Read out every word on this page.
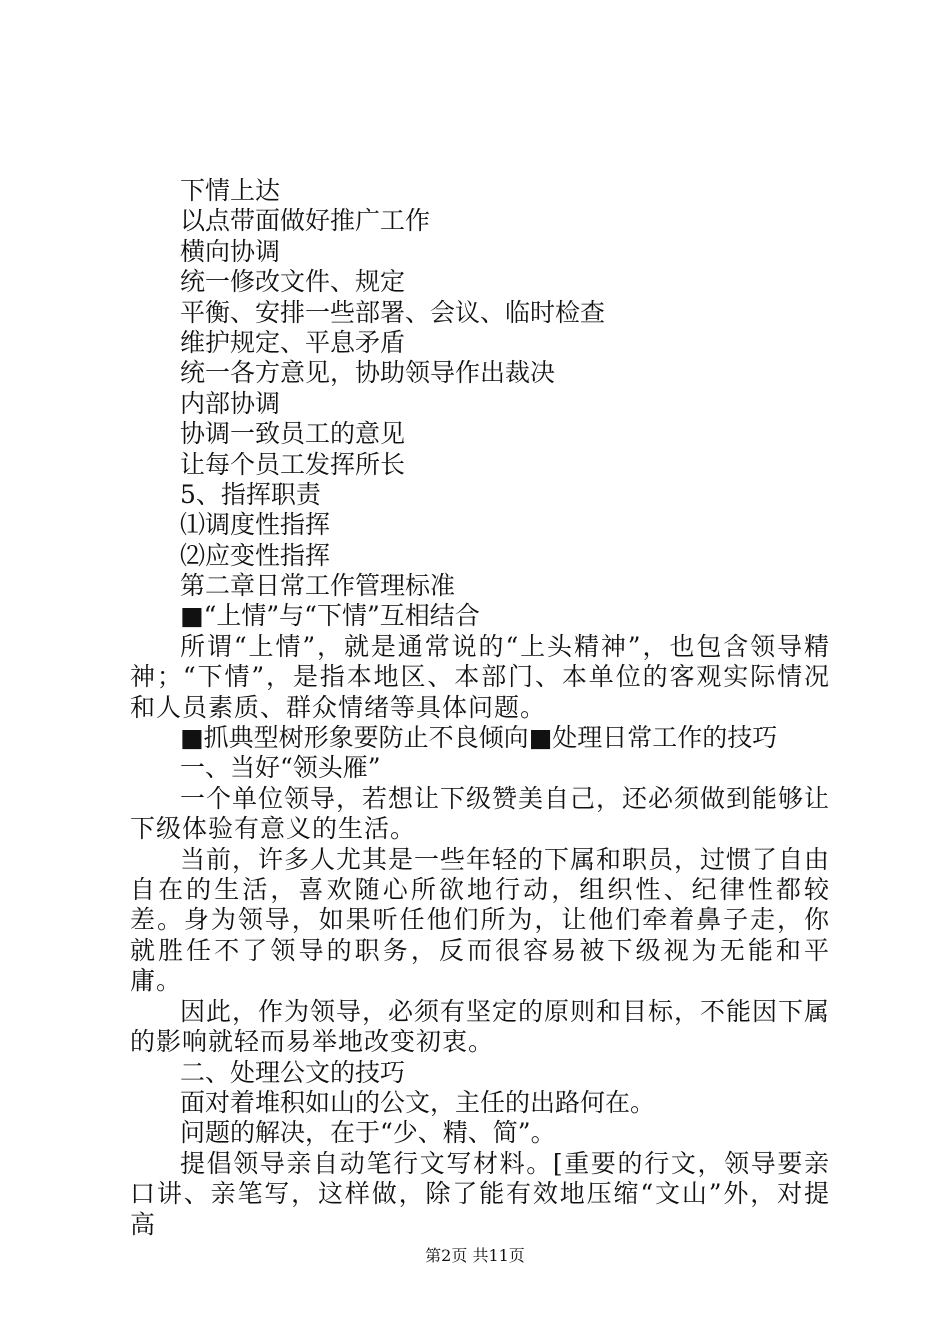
下情上达
以点带面做好推广工作
横向协调
统一修改文件、规定
平衡、安排一些部署、会议、临时检查
维护规定、平息矛盾
统一各方意见，协助领导作出裁决
内部协调
协调一致员工的意见
让每个员工发挥所长
5、指挥职责
⑴调度性指挥
⑵应变性指挥
第二章日常工作管理标准
■“上情”与“下情”互相结合

所谓“上情”，就是通常说的“上头精神”，也包含领导精神；“下情”，是指本地区、本部门、本单位的客观实际情况和人员素质、群众情绪等具体问题。

■抓典型树形象要防止不良倾向■处理日常工作的技巧
一、当好“领头雁”

一个单位领导，若想让下级赞美自己，还必须做到能够让下级体验有意义的生活。

当前，许多人尤其是一些年轻的下属和职员，过惯了自由自在的生活，喜欢随心所欲地行动，组织性、纪律性都较差。身为领导，如果听任他们所为，让他们牵着鼻子走，你就胜任不了领导的职务，反而很容易被下级视为无能和平庸。

因此，作为领导，必须有坚定的原则和目标，不能因下属的影响就轻而易举地改变初衷。

二、处理公文的技巧
面对着堆积如山的公文，主任的出路何在。
问题的解决，在于“少、精、简”。

提倡领导亲自动笔行文写材料。[重要的行文，领导要亲口讲、亲笔写，这样做，除了能有效地压缩“文山”外，对提高

第2页 共11页
